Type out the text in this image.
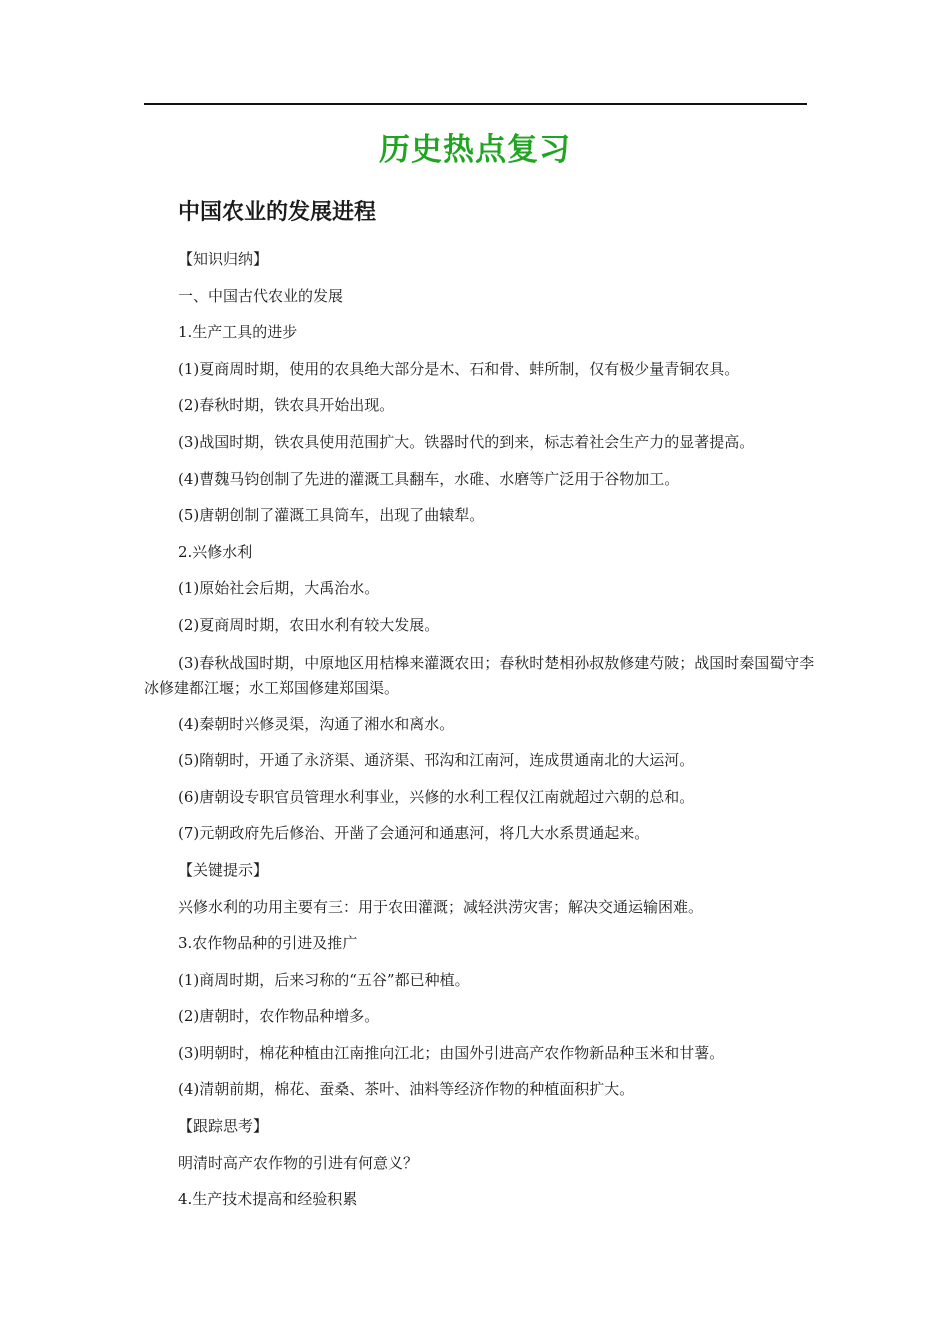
历史热点复习
中国农业的发展进程
【知识归纳】
一、中国古代农业的发展
1.生产工具的进步
(1)夏商周时期，使用的农具绝大部分是木、石和骨、蚌所制，仅有极少量青铜农具。
(2)春秋时期，铁农具开始出现。
(3)战国时期，铁农具使用范围扩大。铁器时代的到来，标志着社会生产力的显著提高。
(4)曹魏马钧创制了先进的灌溉工具翻车，水碓、水磨等广泛用于谷物加工。
(5)唐朝创制了灌溉工具筒车，出现了曲辕犁。
2.兴修水利
(1)原始社会后期，大禹治水。
(2)夏商周时期，农田水利有较大发展。
(3)春秋战国时期，中原地区用桔槔来灌溉农田；春秋时楚相孙叔敖修建芍陂；战国时秦国蜀守李冰修建都江堰；水工郑国修建郑国渠。
(4)秦朝时兴修灵渠，沟通了湘水和离水。
(5)隋朝时，开通了永济渠、通济渠、邗沟和江南河，连成贯通南北的大运河。
(6)唐朝设专职官员管理水利事业，兴修的水利工程仅江南就超过六朝的总和。
(7)元朝政府先后修治、开凿了会通河和通惠河，将几大水系贯通起来。
【关键提示】
兴修水利的功用主要有三：用于农田灌溉；减轻洪涝灾害；解决交通运输困难。
3.农作物品种的引进及推广
(1)商周时期，后来习称的“五谷”都已种植。
(2)唐朝时，农作物品种增多。
(3)明朝时，棉花种植由江南推向江北；由国外引进高产农作物新品种玉米和甘薯。
(4)清朝前期，棉花、蚕桑、茶叶、油料等经济作物的种植面积扩大。
【跟踪思考】
明清时高产农作物的引进有何意义？
4.生产技术提高和经验积累
